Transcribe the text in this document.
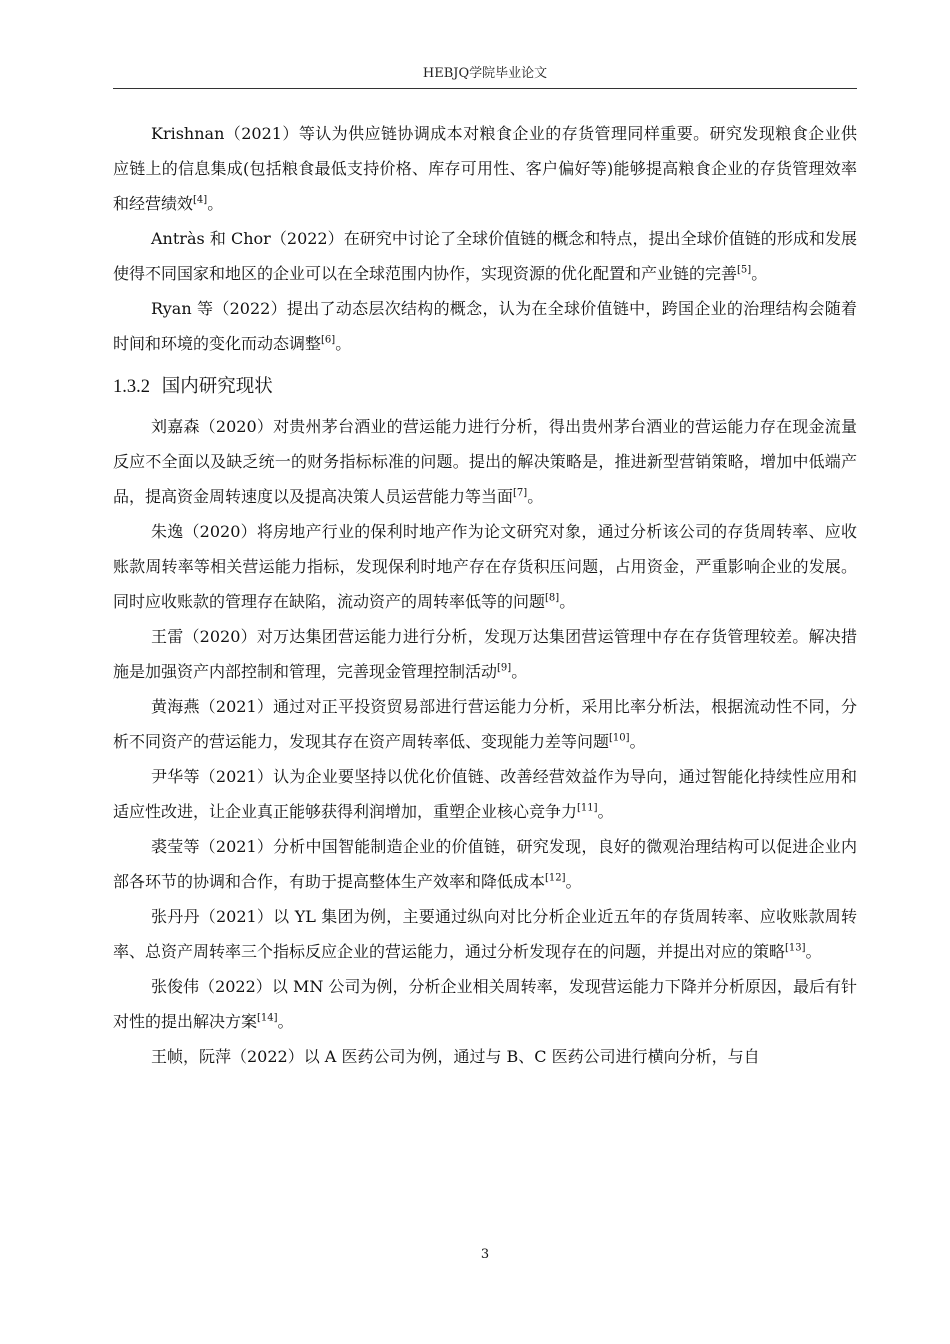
HEBJQ学院毕业论文

Krishnan（2021）等认为供应链协调成本对粮食企业的存货管理同样重要。研究发现粮食企业供应链上的信息集成(包括粮食最低支持价格、库存可用性、客户偏好等)能够提高粮食企业的存货管理效率和经营绩效[4]。

Antràs 和 Chor（2022）在研究中讨论了全球价值链的概念和特点，提出全球价值链的形成和发展使得不同国家和地区的企业可以在全球范围内协作，实现资源的优化配置和产业链的完善[5]。

Ryan 等（2022）提出了动态层次结构的概念，认为在全球价值链中，跨国企业的治理结构会随着时间和环境的变化而动态调整[6]。

1.3.2 国内研究现状

刘嘉森（2020）对贵州茅台酒业的营运能力进行分析，得出贵州茅台酒业的营运能力存在现金流量反应不全面以及缺乏统一的财务指标标准的问题。提出的解决策略是，推进新型营销策略，增加中低端产品，提高资金周转速度以及提高决策人员运营能力等当面[7]。

朱逸（2020）将房地产行业的保利时地产作为论文研究对象，通过分析该公司的存货周转率、应收账款周转率等相关营运能力指标，发现保利时地产存在存货积压问题，占用资金，严重影响企业的发展。同时应收账款的管理存在缺陷，流动资产的周转率低等的问题[8]。

王雷（2020）对万达集团营运能力进行分析，发现万达集团营运管理中存在存货管理较差。解决措施是加强资产内部控制和管理，完善现金管理控制活动[9]。

黄海燕（2021）通过对正平投资贸易部进行营运能力分析，采用比率分析法，根据流动性不同，分析不同资产的营运能力，发现其存在资产周转率低、变现能力差等问题[10]。

尹华等（2021）认为企业要坚持以优化价值链、改善经营效益作为导向，通过智能化持续性应用和适应性改进，让企业真正能够获得利润增加，重塑企业核心竞争力[11]。

裘莹等（2021）分析中国智能制造企业的价值链，研究发现，良好的微观治理结构可以促进企业内部各环节的协调和合作，有助于提高整体生产效率和降低成本[12]。

张丹丹（2021）以 YL 集团为例，主要通过纵向对比分析企业近五年的存货周转率、应收账款周转率、总资产周转率三个指标反应企业的营运能力，通过分析发现存在的问题，并提出对应的策略[13]。

张俊伟（2022）以 MN 公司为例，分析企业相关周转率，发现营运能力下降并分析原因，最后有针对性的提出解决方案[14]。

王帧，阮萍（2022）以 A 医药公司为例，通过与 B、C 医药公司进行横向分析，与自

3
